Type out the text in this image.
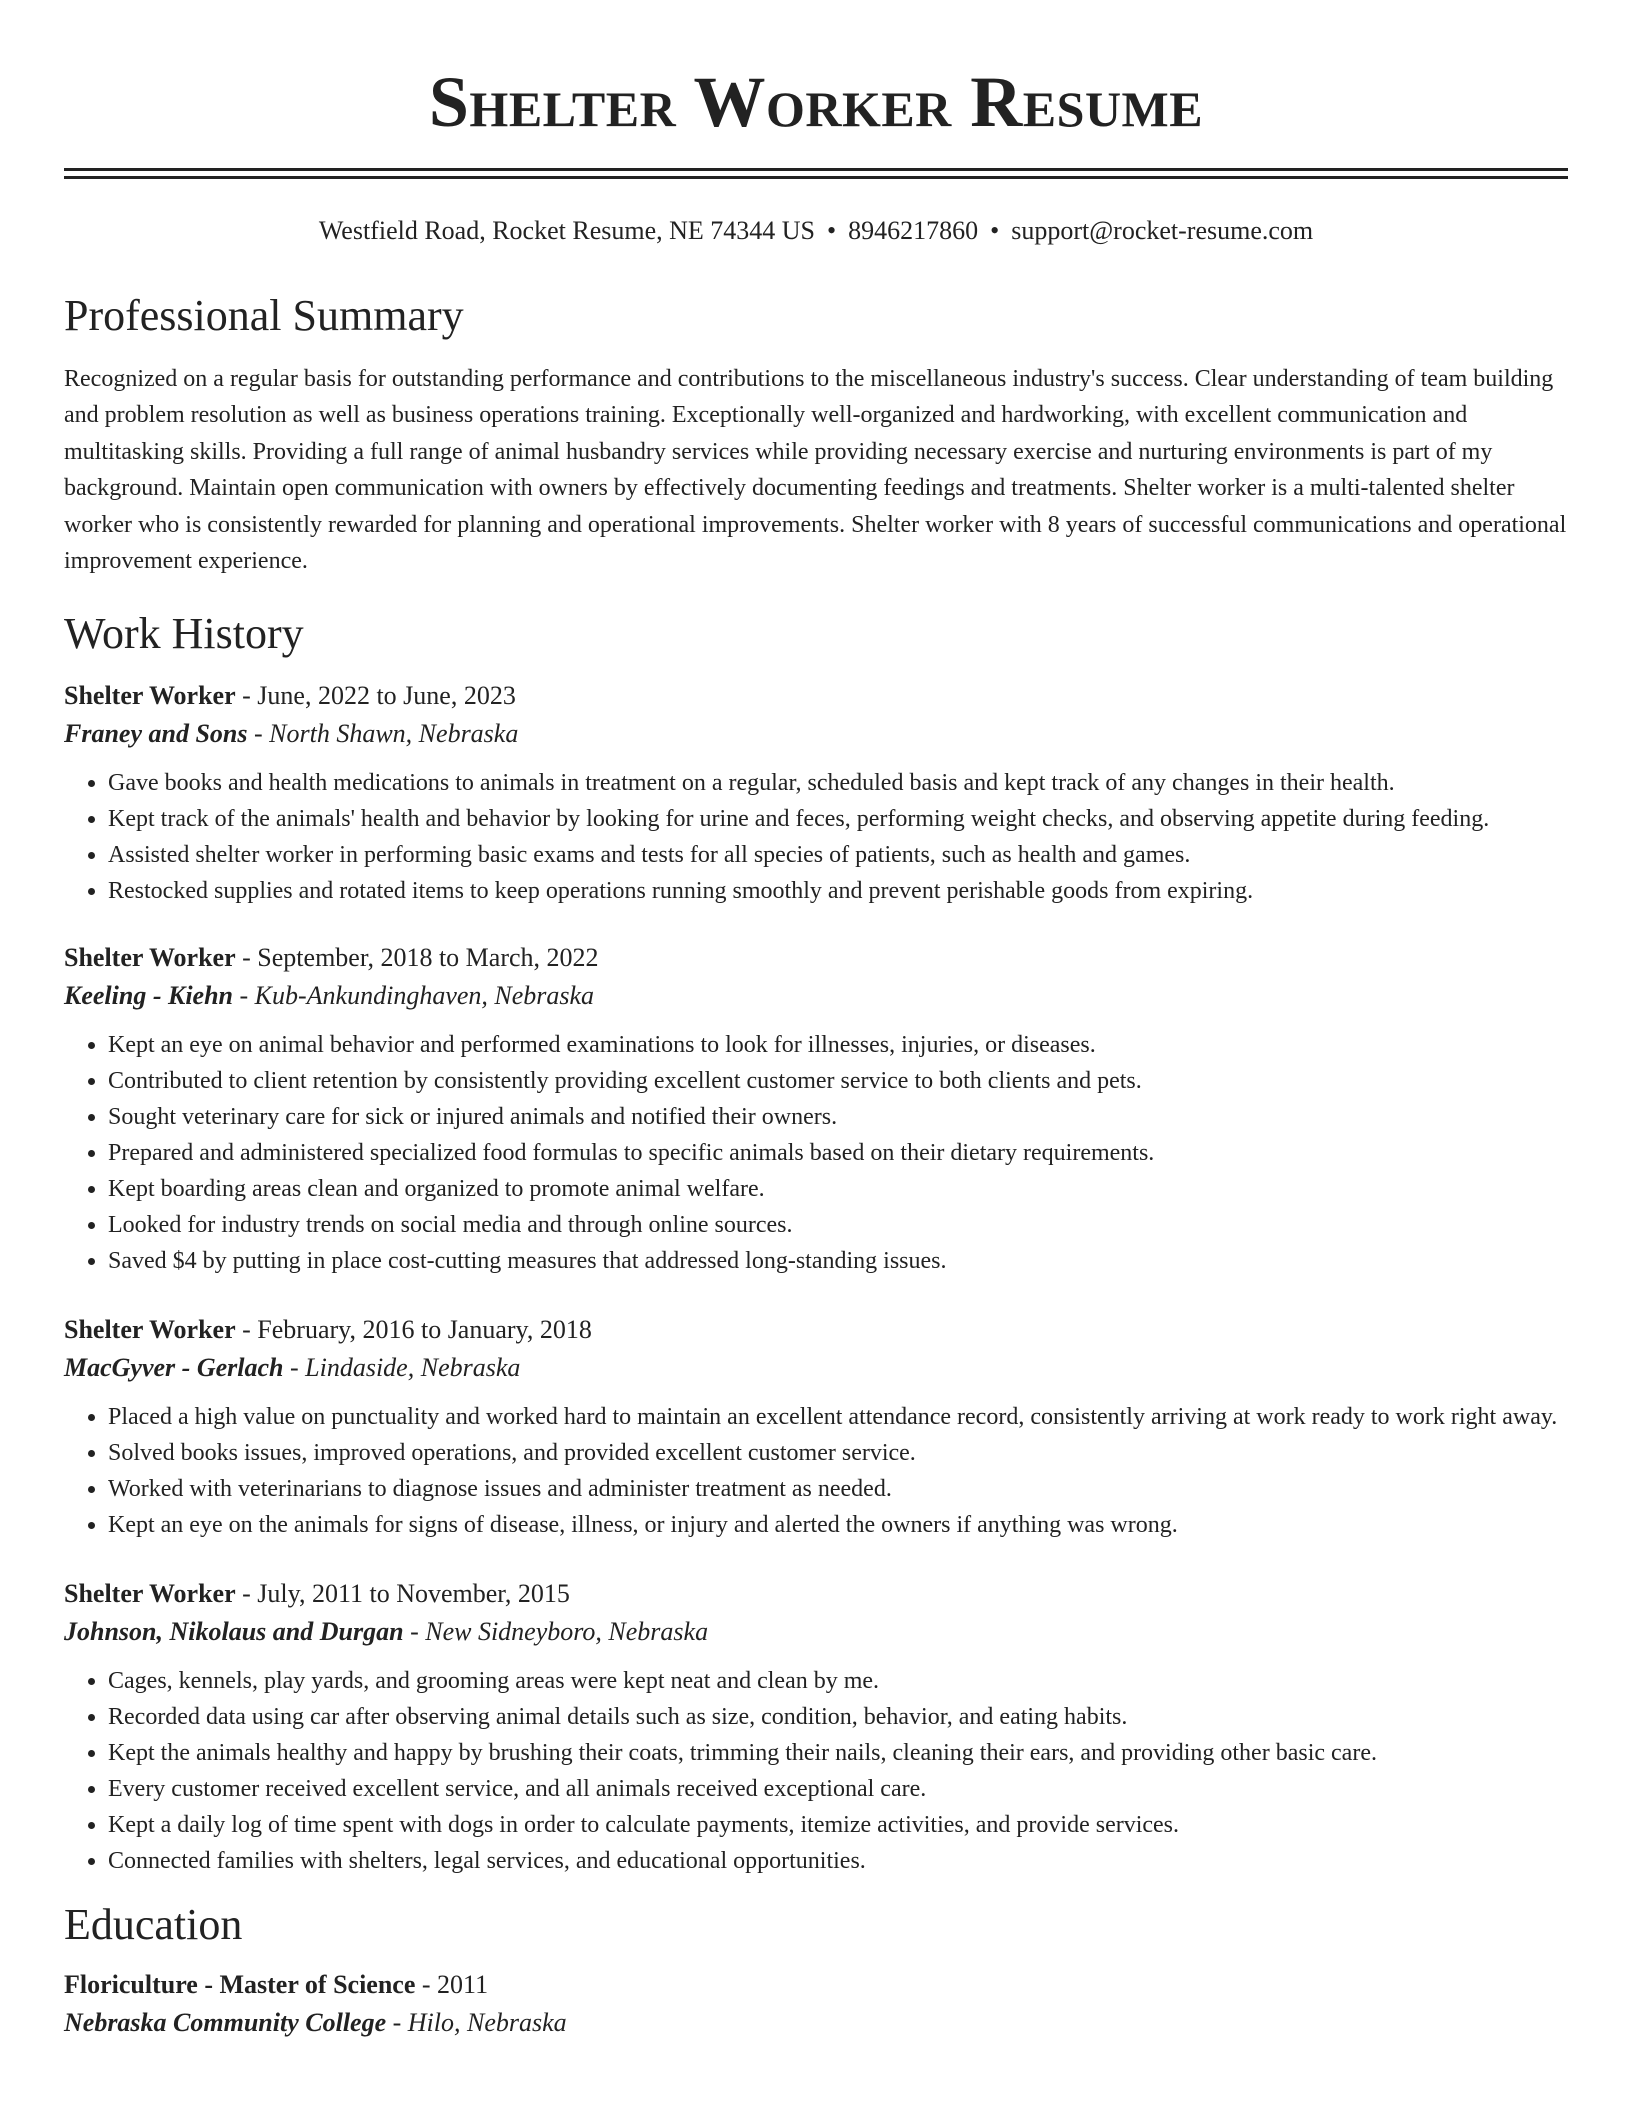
Shelter Worker Resume
Westfield Road, Rocket Resume, NE 74344 US • 8946217860 • support@rocket-resume.com
Professional Summary

Recognized on a regular basis for outstanding performance and contributions to the miscellaneous industry's success. Clear understanding of team building and problem resolution as well as business operations training. Exceptionally well-organized and hardworking, with excellent communication and multitasking skills. Providing a full range of animal husbandry services while providing necessary exercise and nurturing environments is part of my background. Maintain open communication with owners by effectively documenting feedings and treatments. Shelter worker is a multi-talented shelter worker who is consistently rewarded for planning and operational improvements. Shelter worker with 8 years of successful communications and operational improvement experience.

Work History
Shelter Worker - June, 2022 to June, 2023
Franey and Sons - North Shawn, Nebraska
• Gave books and health medications to animals in treatment on a regular, scheduled basis and kept track of any changes in their health.
• Kept track of the animals' health and behavior by looking for urine and feces, performing weight checks, and observing appetite during feeding.
• Assisted shelter worker in performing basic exams and tests for all species of patients, such as health and games.
• Restocked supplies and rotated items to keep operations running smoothly and prevent perishable goods from expiring.
Shelter Worker - September, 2018 to March, 2022
Keeling - Kiehn - Kub-Ankundinghaven, Nebraska
• Kept an eye on animal behavior and performed examinations to look for illnesses, injuries, or diseases.
• Contributed to client retention by consistently providing excellent customer service to both clients and pets.
• Sought veterinary care for sick or injured animals and notified their owners.
• Prepared and administered specialized food formulas to specific animals based on their dietary requirements.
• Kept boarding areas clean and organized to promote animal welfare.
• Looked for industry trends on social media and through online sources.
• Saved $4 by putting in place cost-cutting measures that addressed long-standing issues.
Shelter Worker - February, 2016 to January, 2018
MacGyver - Gerlach - Lindaside, Nebraska
• Placed a high value on punctuality and worked hard to maintain an excellent attendance record, consistently arriving at work ready to work right away.
• Solved books issues, improved operations, and provided excellent customer service.
• Worked with veterinarians to diagnose issues and administer treatment as needed.
• Kept an eye on the animals for signs of disease, illness, or injury and alerted the owners if anything was wrong.
Shelter Worker - July, 2011 to November, 2015
Johnson, Nikolaus and Durgan - New Sidneyboro, Nebraska
• Cages, kennels, play yards, and grooming areas were kept neat and clean by me.
• Recorded data using car after observing animal details such as size, condition, behavior, and eating habits.
• Kept the animals healthy and happy by brushing their coats, trimming their nails, cleaning their ears, and providing other basic care.
• Every customer received excellent service, and all animals received exceptional care.
• Kept a daily log of time spent with dogs in order to calculate payments, itemize activities, and provide services.
• Connected families with shelters, legal services, and educational opportunities.
Education
Floriculture - Master of Science - 2011
Nebraska Community College - Hilo, Nebraska
